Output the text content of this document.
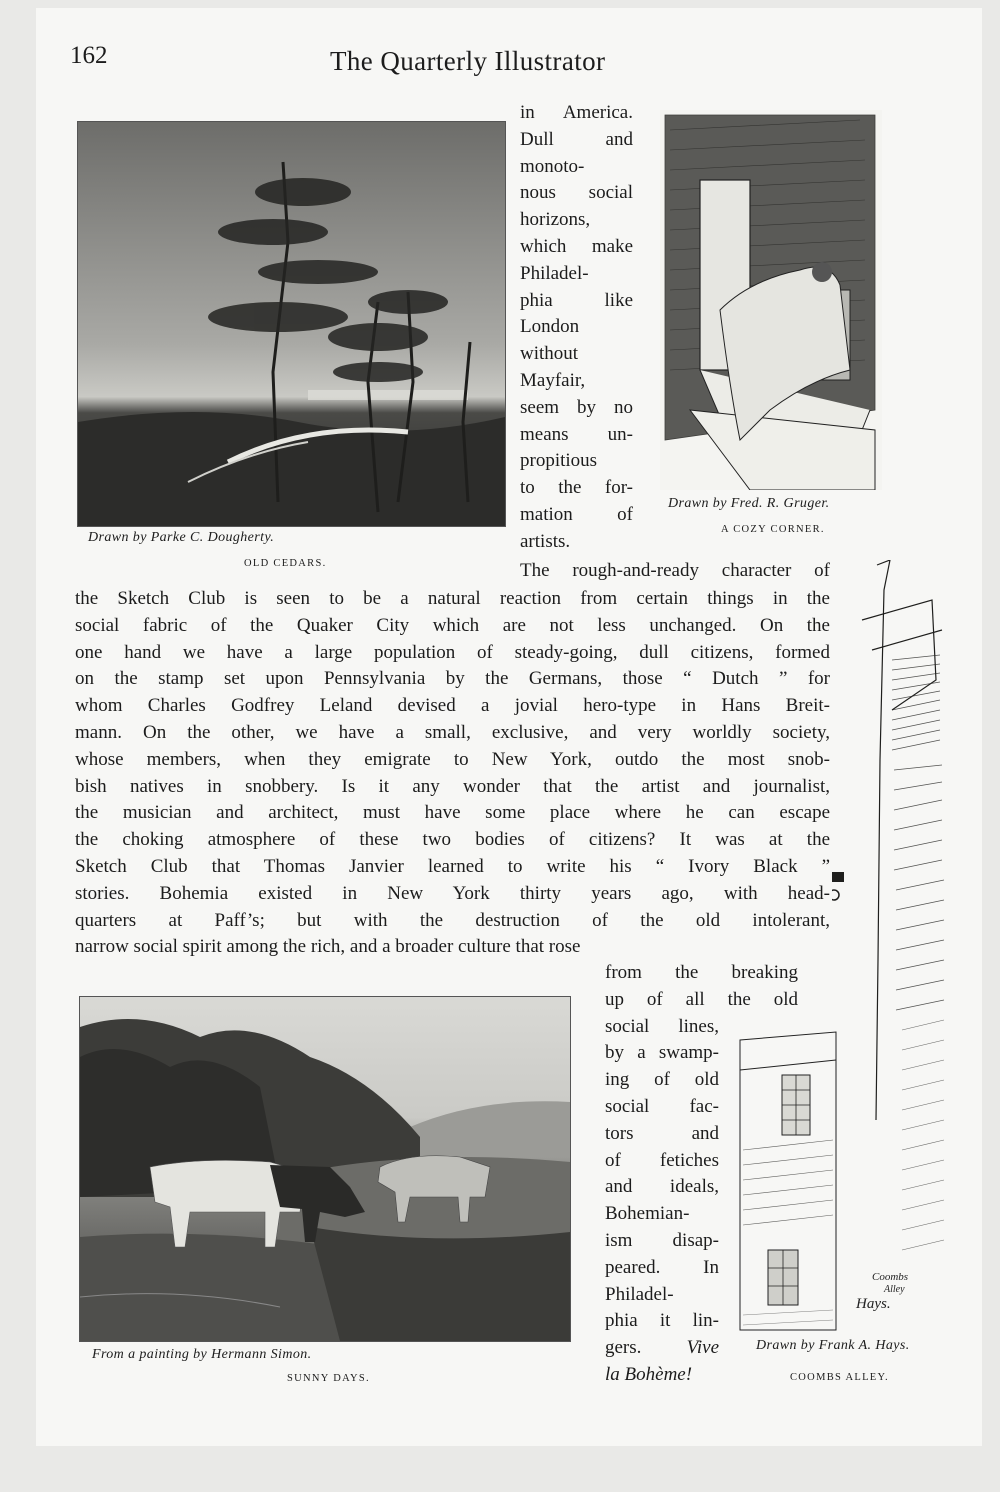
162	The Quarterly Illustrator
Drawn by Parke C. Dougherty.
OLD CEDARS.
Drawn by Fred. R. Gruger.
A COZY CORNER.
in America.
Dull and
monoto-
nous social
horizons,
which make
Philadel-
phia like
London
without
Mayfair,
seem by no
means un-
propitious
to the for-
mation of
artists.
The rough-and-ready character of
the Sketch Club is seen to be a natural reaction from certain things in the
social fabric of the Quaker City which are not less unchanged. On the
one hand we have a large population of steady-going, dull citizens, formed
on the stamp set upon Pennsylvania by the Germans, those “ Dutch ” for
whom Charles Godfrey Leland devised a jovial hero-type in Hans Breit-
mann. On the other, we have a small, exclusive, and very worldly society,
whose members, when they emigrate to New York, outdo the most snob-
bish natives in snobbery. Is it any wonder that the artist and journalist,
the musician and architect, must have some place where he can escape
the choking atmosphere of these two bodies of citizens? It was at the
Sketch Club that Thomas Janvier learned to write his “ Ivory Black ”
stories. Bohemia existed in New York thirty years ago, with head-
quarters at Paff’s; but with the destruction of the old intolerant,
narrow social spirit among the rich, and a broader culture that rose
Coombs
Alley
Hays.
From a painting by Hermann Simon.
SUNNY DAYS.
from the breaking
up of all the old
social lines,
by a swamp-
ing of old
social fac-
tors and
of fetiches
and ideals,
Bohemian-
ism disap-
peared. In
Philadel-
phia it lin-
gers. Vive
la Bohème!
Drawn by Frank A. Hays.
COOMBS ALLEY.
